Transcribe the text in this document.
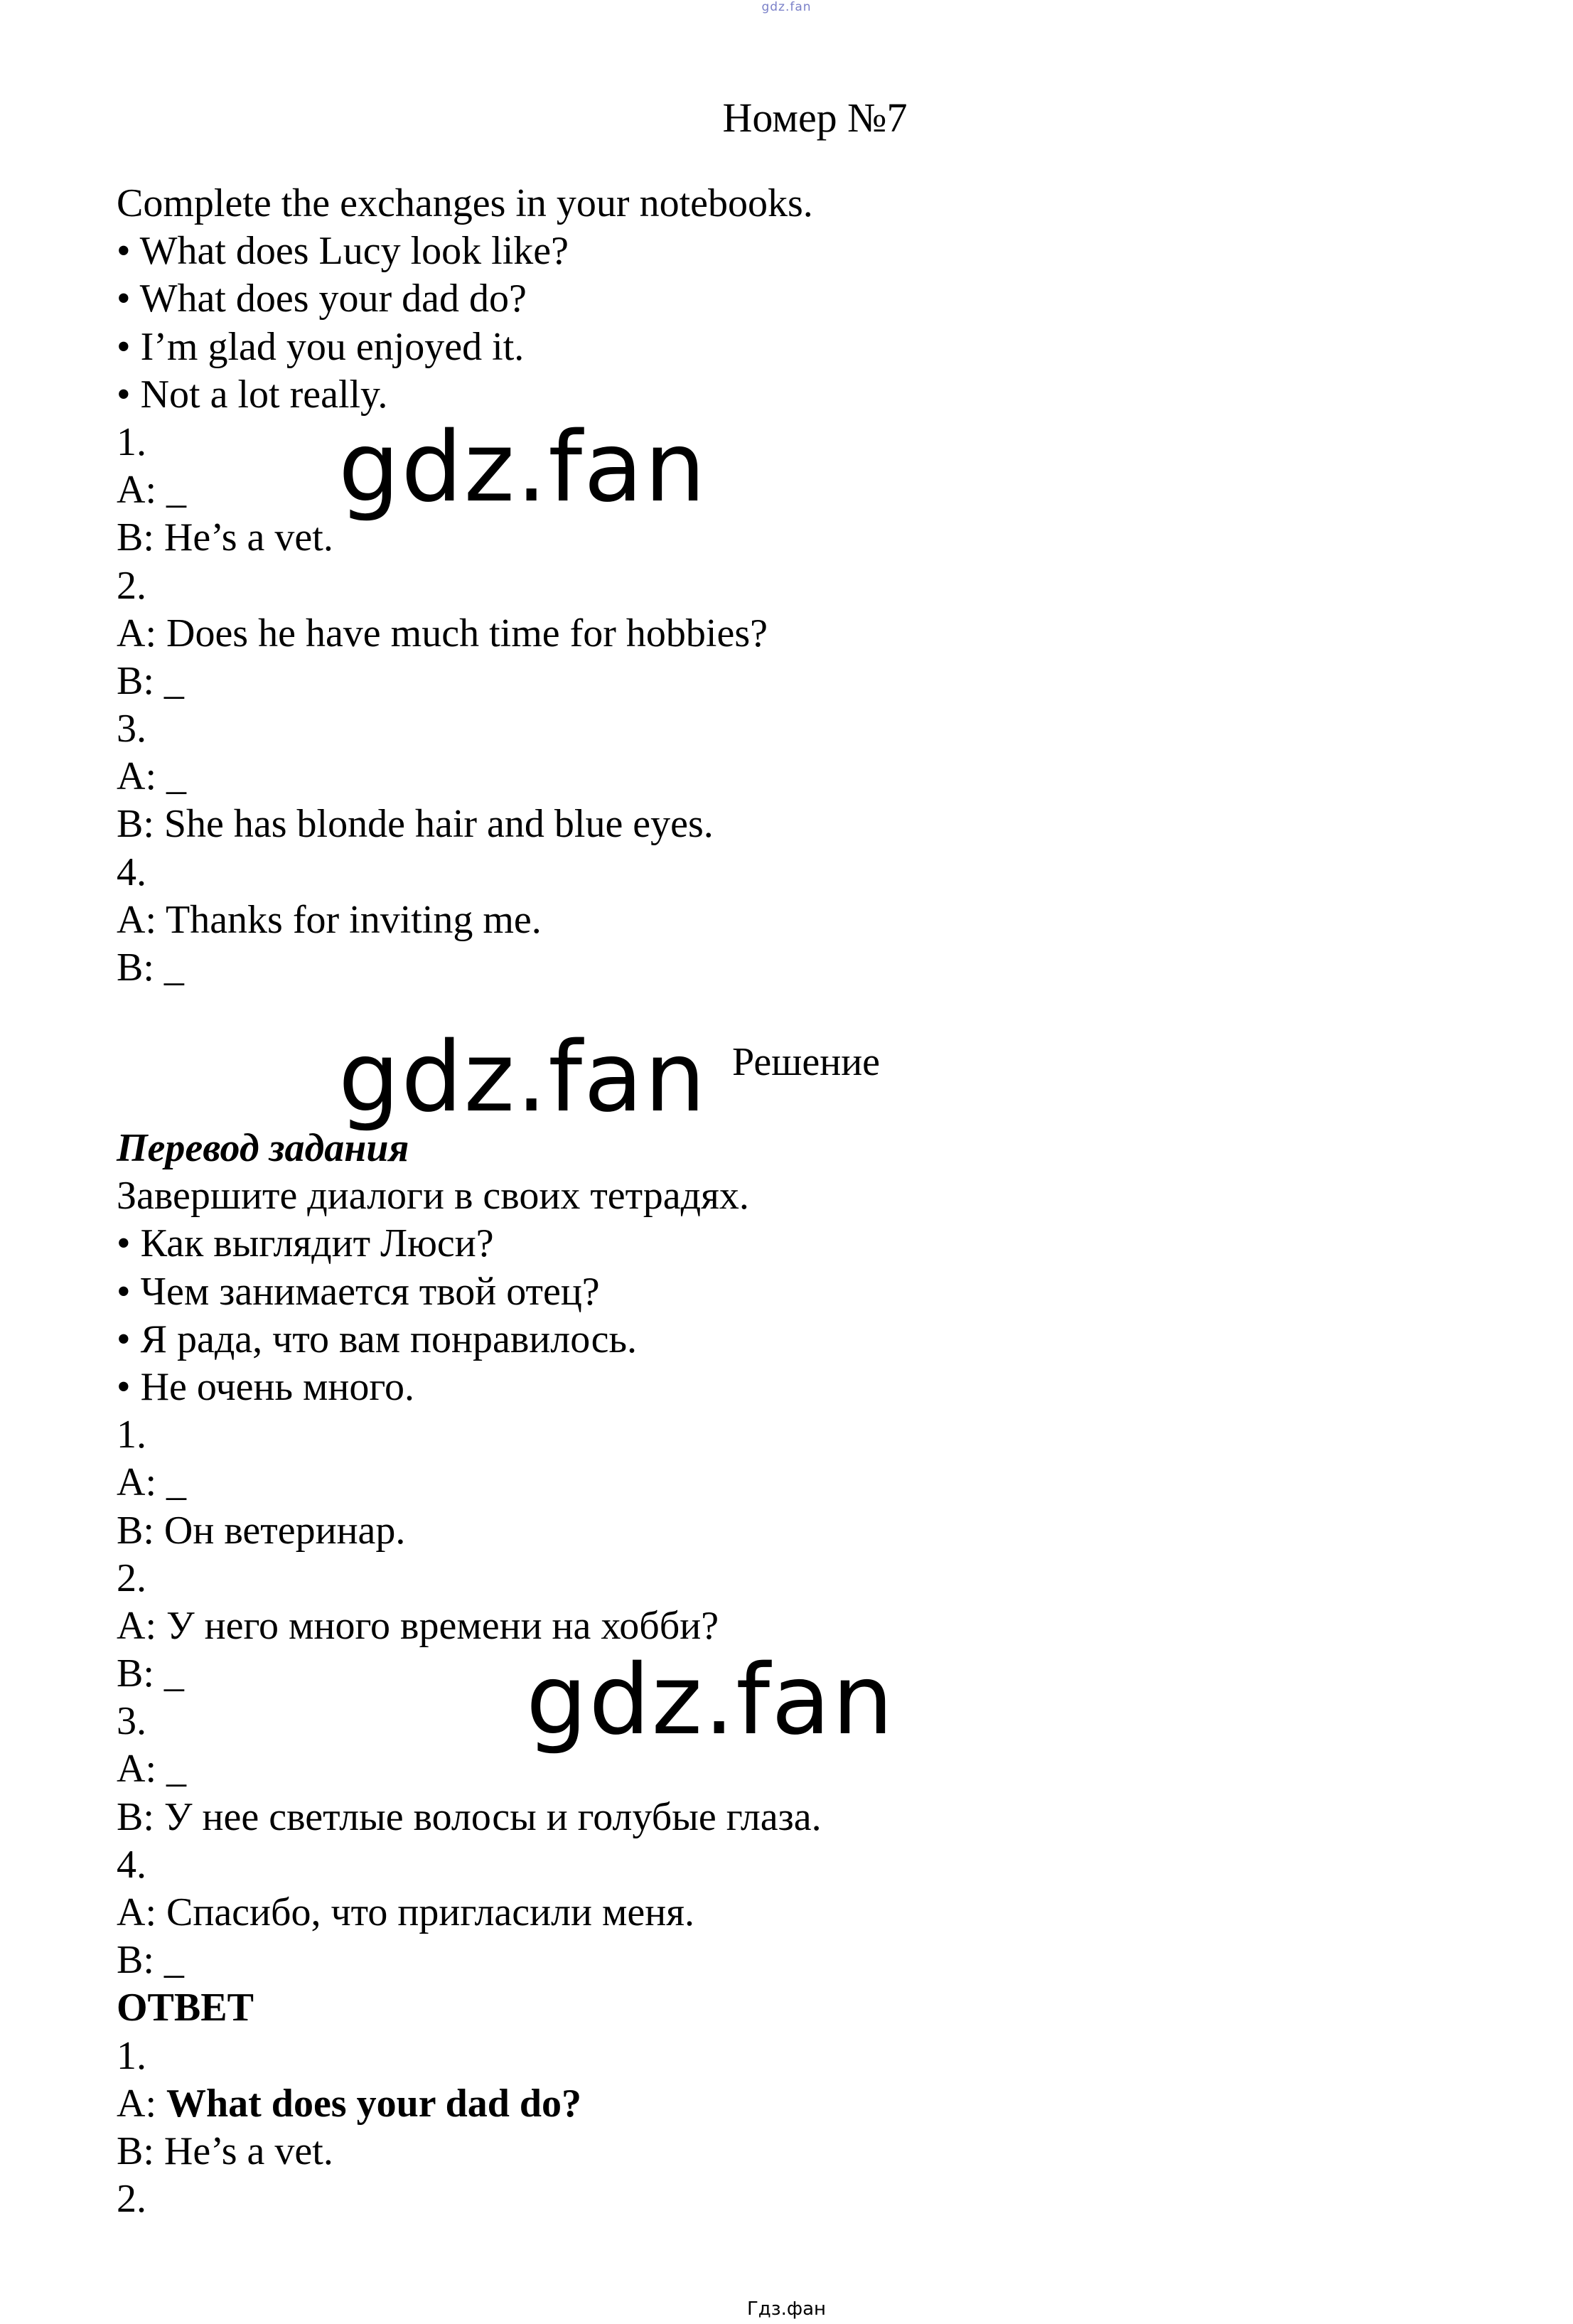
gdz.fan
Номер №7
Complete the exchanges in your notebooks.
• What does Lucy look like?
• What does your dad do?
• I’m glad you enjoyed it.
• Not a lot really.
1.
A: _
B: He’s a vet.
2.
A: Does he have much time for hobbies?
B: _
3.
A: _
B: She has blonde hair and blue eyes.
4.
A: Thanks for inviting me.
B: _
Решение
Перевод задания
Завершите диалоги в своих тетрадях.
• Как выглядит Люси?
• Чем занимается твой отец?
• Я рада, что вам понравилось.
• Не очень много.
1.
A: _
B: Он ветеринар.
2.
A: У него много времени на хобби?
B: _
3.
A: _
B: У нее светлые волосы и голубые глаза.
4.
A: Спасибо, что пригласили меня.
B: _
ОТВЕТ
1.
A: What does your dad do?
B: He’s a vet.
2.
gdz.fan
gdz.fan
gdz.fan
Гдз.фан
